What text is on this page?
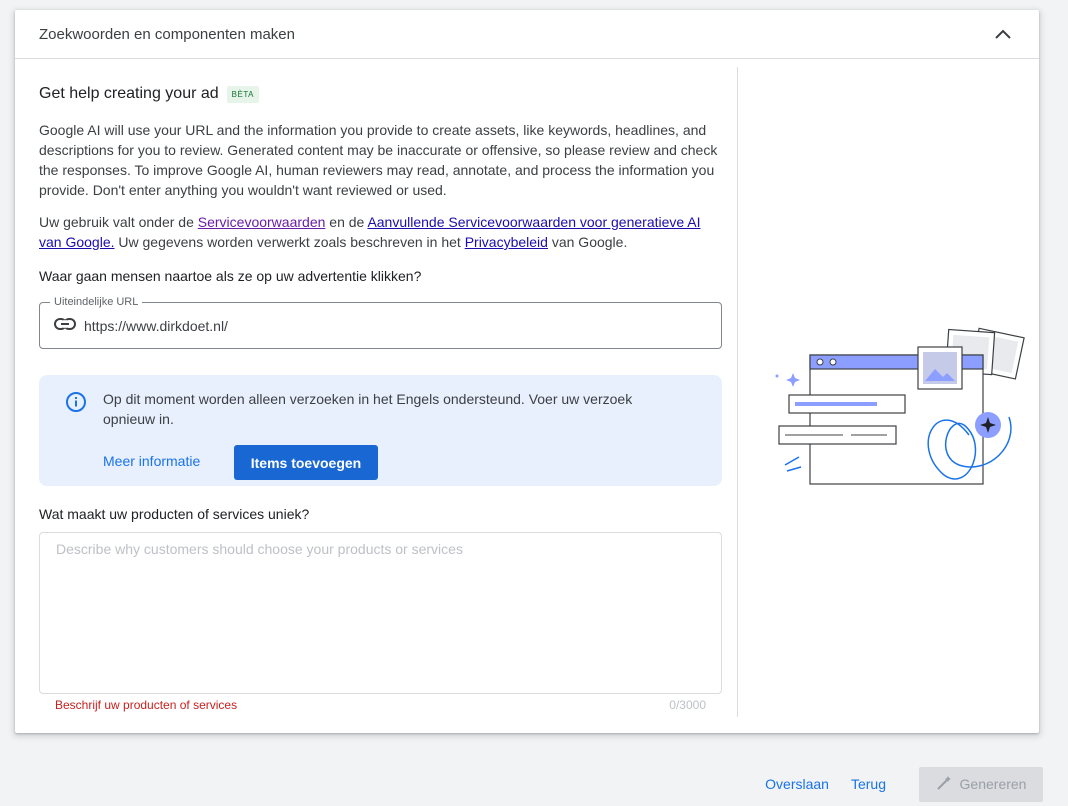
Zoekwoorden en componenten maken
Get help creating your ad	BÈTA

Google AI will use your URL and the information you provide to create assets, like keywords, headlines, and descriptions for you to review. Generated content may be inaccurate or offensive, so please review and check the responses. To improve Google AI, human reviewers may read, annotate, and process the information you provide. Don't enter anything you wouldn't want reviewed or used.

Uw gebruik valt onder de Servicevoorwaarden en de Aanvullende Servicevoorwaarden voor generatieve AI van Google. Uw gegevens worden verwerkt zoals beschreven in het Privacybeleid van Google.

Waar gaan mensen naartoe als ze op uw advertentie klikken?
Uiteindelijke URL
https://www.dirkdoet.nl/
Op dit moment worden alleen verzoeken in het Engels ondersteund. Voer uw verzoek opnieuw in.
Meer informatie	Items toevoegen
Wat maakt uw producten of services uniek?
Describe why customers should choose your products or services
Beschrijf uw producten of services	0/3000
Overslaan Terug	Genereren
